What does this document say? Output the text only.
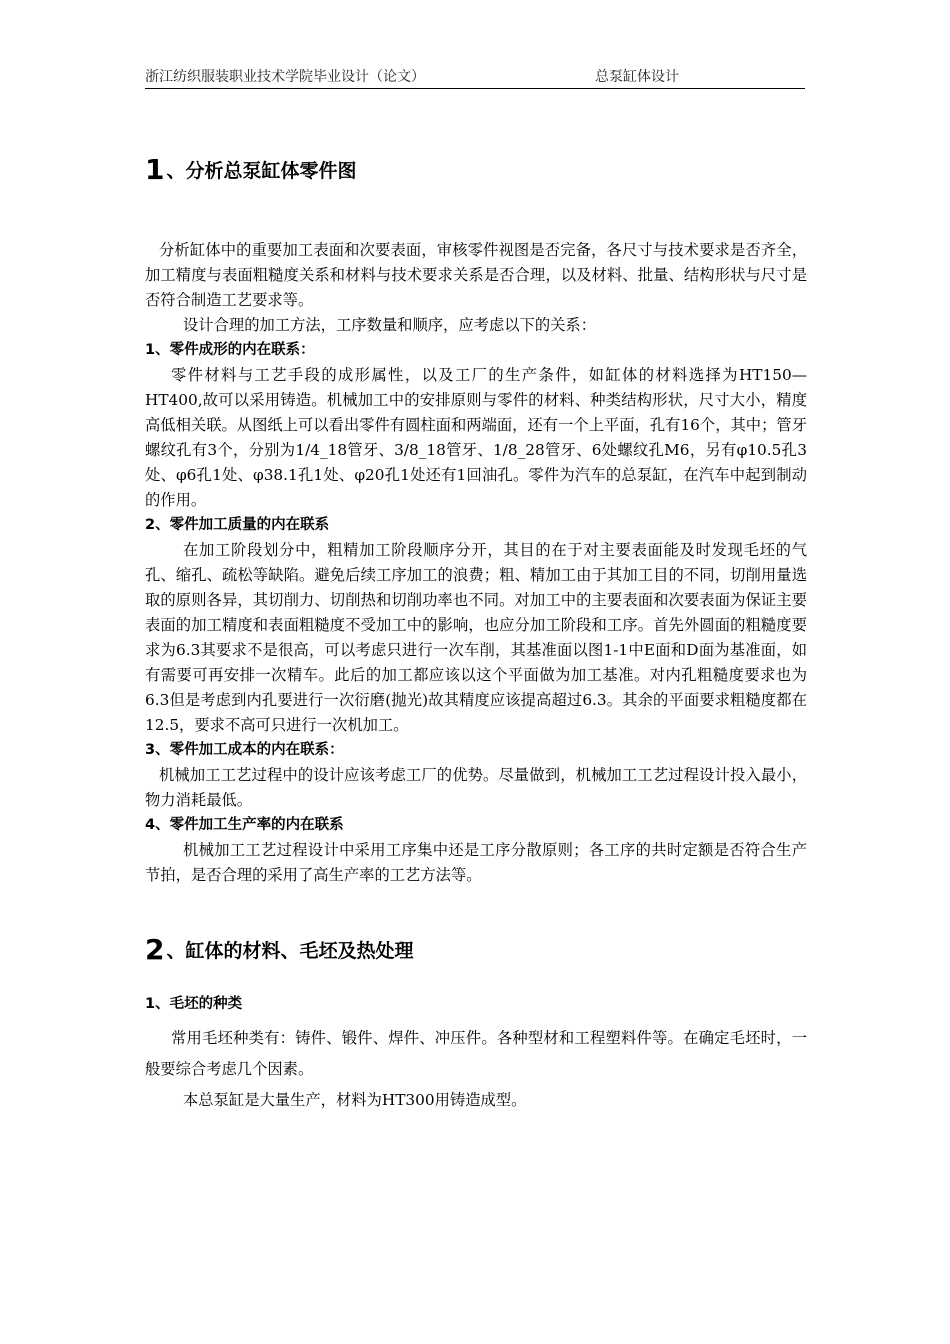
浙江纺织服装职业技术学院毕业设计（论文）	总泵缸体设计
1 、分析总泵缸体零件图

分析缸体中的重要加工表面和次要表面，审核零件视图是否完备，各尺寸与技术要求是否齐全，加工精度与表面粗糙度关系和材料与技术要求关系是否合理，以及材料、批量、结构形状与尺寸是否符合制造工艺要求等。

设计合理的加工方法，工序数量和顺序，应考虑以下的关系：

1、零件成形的内在联系：

零件材料与工艺手段的成形属性，以及工厂的生产条件，如缸体的材料选择为HT150—HT400,故可以采用铸造。机械加工中的安排原则与零件的材料、种类结构形状，尺寸大小，精度高低相关联。从图纸上可以看出零件有圆柱面和两端面，还有一个上平面，孔有16个，其中；管牙螺纹孔有3个，分别为1/4_18管牙、3/8_18管牙、1/8_28管牙、6处螺纹孔M6，另有φ10.5孔3处、φ6孔1处、φ38.1孔1处、φ20孔1处还有1回油孔。零件为汽车的总泵缸，在汽车中起到制动的作用。

2、零件加工质量的内在联系

在加工阶段划分中，粗精加工阶段顺序分开，其目的在于对主要表面能及时发现毛坯的气孔、缩孔、疏松等缺陷。避免后续工序加工的浪费；粗、精加工由于其加工目的不同，切削用量选取的原则各异，其切削力、切削热和切削功率也不同。对加工中的主要表面和次要表面为保证主要表面的加工精度和表面粗糙度不受加工中的影响，也应分加工阶段和工序。首先外圆面的粗糙度要求为6.3其要求不是很高，可以考虑只进行一次车削，其基准面以图1-1中E面和D面为基准面，如有需要可再安排一次精车。此后的加工都应该以这个平面做为加工基准。对内孔粗糙度要求也为6.3但是考虑到内孔要进行一次衍磨(抛光)故其精度应该提高超过6.3。其余的平面要求粗糙度都在12.5，要求不高可只进行一次机加工。

3、零件加工成本的内在联系：

机械加工工艺过程中的设计应该考虑工厂的优势。尽量做到，机械加工工艺过程设计投入最小，物力消耗最低。

4、零件加工生产率的内在联系

机械加工工艺过程设计中采用工序集中还是工序分散原则；各工序的共时定额是否符合生产节拍，是否合理的采用了高生产率的工艺方法等。

2 、缸体的材料、毛坯及热处理
1、毛坯的种类

常用毛坯种类有：铸件、锻件、焊件、冲压件。各种型材和工程塑料件等。在确定毛坯时，一般要综合考虑几个因素。

本总泵缸是大量生产，材料为HT300用铸造成型。
